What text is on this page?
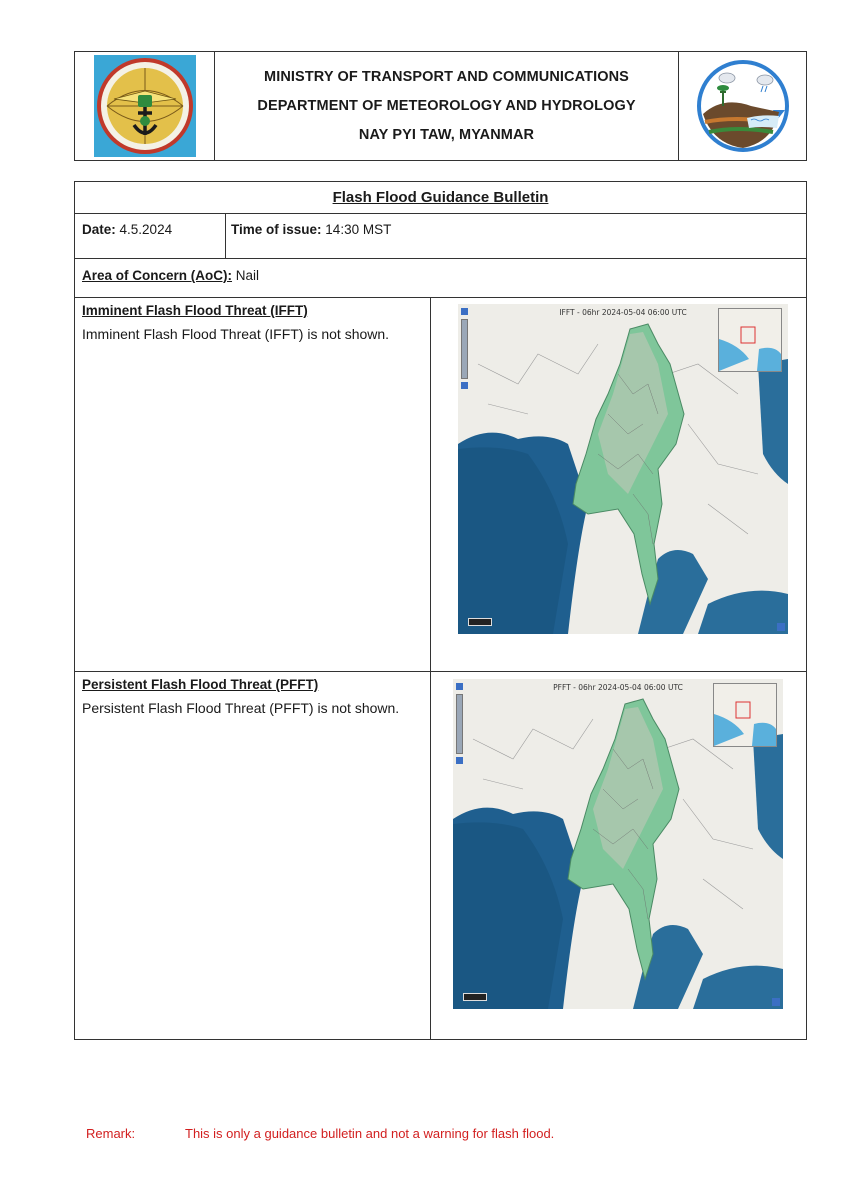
MINISTRY OF TRANSPORT AND COMMUNICATIONS
DEPARTMENT OF METEOROLOGY AND HYDROLOGY
NAY PYI TAW, MYANMAR
Flash Flood Guidance Bulletin
Date: 4.5.2024	Time of issue: 14:30 MST
Area of Concern (AoC): Nail
Imminent Flash Flood Threat (IFFT)
Imminent Flash Flood Threat (IFFT) is not shown.
IFFT - 06hr 2024-05-04 06:00 UTC
Persistent Flash Flood Threat (PFFT)
Persistent Flash Flood Threat (PFFT) is not shown.
PFFT - 06hr 2024-05-04 06:00 UTC
Remark:	This is only a guidance bulletin and not a warning for flash flood.
